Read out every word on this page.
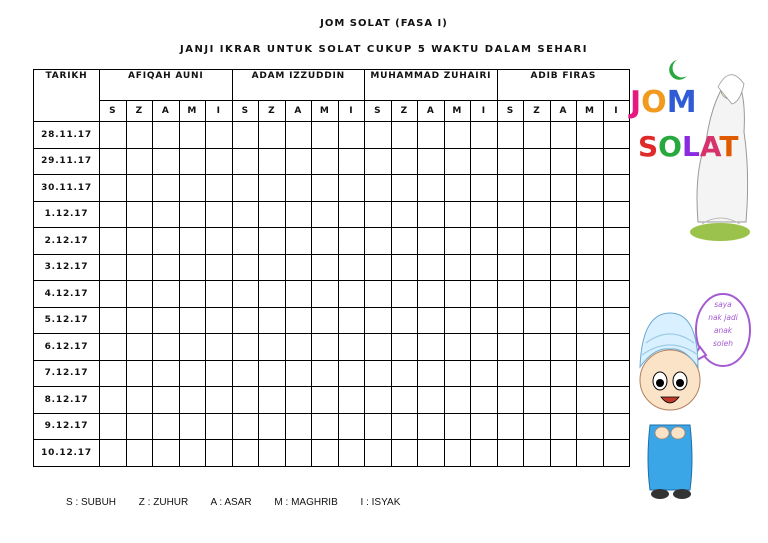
JOM SOLAT (FASA I)
JANJI IKRAR UNTUK SOLAT CUKUP 5 WAKTU DALAM SEHARI
TARIKH	AFIQAH AUNI					ADAM IZZUDDIN					MUHAMMAD ZUHAIRI					ADIB FIRAS				
	S	Z	A	M	I	S	Z	A	M	I	S	Z	A	M	I	S	Z	A	M	I
28.11.17																				
29.11.17																				
30.11.17																				
1.12.17																				
2.12.17																				
3.12.17																				
4.12.17																				
5.12.17																				
6.12.17																				
7.12.17																				
8.12.17																				
9.12.17																				
10.12.17																				
S : SUBUH Z : ZUHUR A : ASAR M : MAGHRIB I : ISYAK
JOM
SOLAT
saya
nak jadi
anak
soleh
